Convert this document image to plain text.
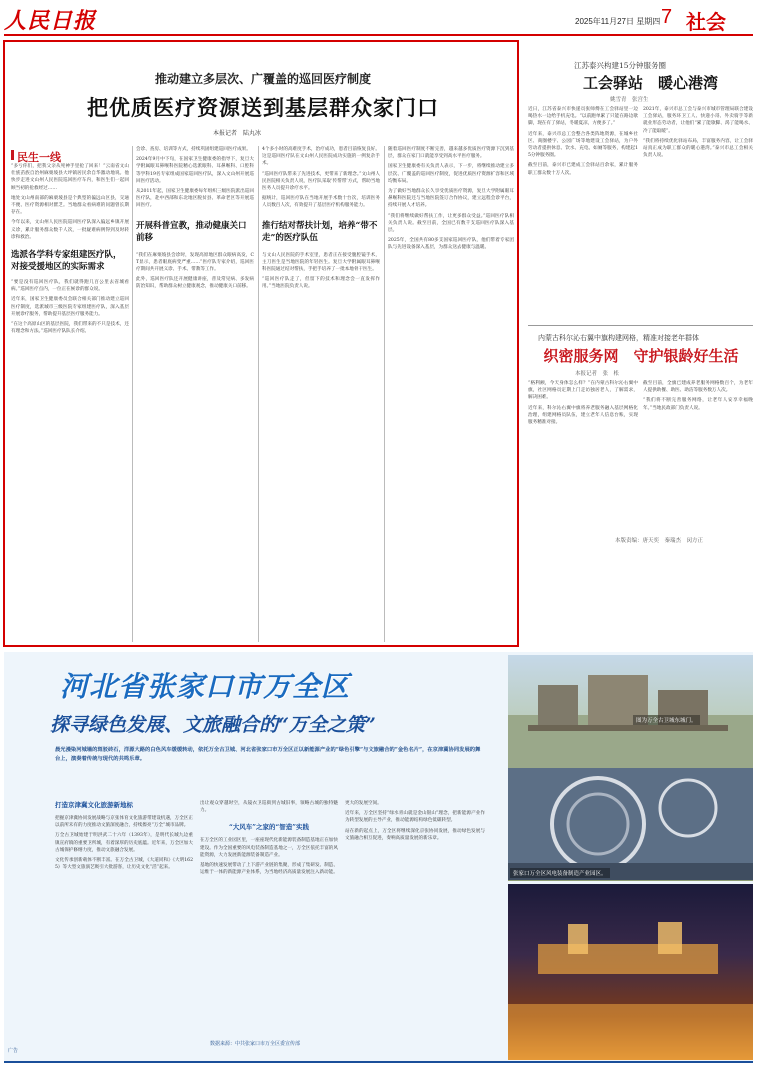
人民日报	2025年11月27日 星期四 7 社会
推动建立多层次、广覆盖的巡回医疗制度
把优质医疗资源送到基层群众家门口
本报记者　陆丸冰
民生一线

“多亏你们，把我父亲从死神手里抢了回来！”云南省文山壮族苗族自治州麻栗坡县大坪镇居民余自华激动地说。他快步走进文山州人民医院巡回医疗车内，和医生们一起回顾当初的抢救经过……

地处文山州南部的麻栗坡县是个典型的偏远山区县，交通不便、医疗资源相对匮乏。当地群众看病难的问题曾长期存在。

今年以来，文山州人民医院巡回医疗队深入偏远乡镇开展义诊，累计服务群众数千人次，一批疑难病例得到及时转诊和救治。

选派各学科专家组建医疗队，对接受援地区的实际需求

“要是没有巡回医疗队，我们就得跑几百公里去省城看病。”巡回医疗点内，一位正在候诊的群众说。

近年来，国家卫生健康委员会联合相关部门推动建立巡回医疗制度，选派城市三级医院专家组建医疗队，深入基层开展诊疗服务，帮助提升基层医疗服务能力。

“在这个高原山区的基层医院，我们带来的不只是技术，还有理念和方法。”巡回医疗队队长介绍。

会诊、查房、培训等方式，持续巩固组建巡回医疗成果。

2024年9月中下旬，在国家卫生健康委的指导下，复旦大学附属眼耳鼻喉科医院精心选派眼科、耳鼻喉科、口腔科等学科19名专家组成国家巡回医疗队，深入文山州开展巡回医疗活动。

从2011年起，国家卫生健康委每年组织三级医院派出巡回医疗队，赴中西部和东北地区脱贫县、革命老区等开展巡回医疗。

开展科普宣教，推动健康关口前移

“我们在麻栗坡县会诊时，发现高原地区群众眼病高发，CT显示，患者眼底病变严重……”医疗队专家介绍，巡回医疗期间共开展义诊、手术、带教等工作。

此外，巡回医疗队还开展健康讲座，普及常见病、多发病防治知识，帮助群众树立健康观念，推动健康关口前移。

4个多小时的高难度手术，治疗成功，患者目前恢复良好。这是巡回医疗队在文山州人民医院成功实施的一例复杂手术。

“巡回医疗队带来了先进技术，更带来了新理念。”文山州人民医院相关负责人说，医疗队采取‘传帮带’方式，帮助当地医务人员提升诊疗水平。

据统计，巡回医疗队在当地开展手术数十台次，培训医务人员数百人次，有效提升了基层医疗机构服务能力。

推行结对帮扶计划，培养“带不走”的医疗队伍

与文山人民医院的手术室里，患者正在接受腹腔镜手术，主刀医生是当地医院的年轻医生。复旦大学附属眼耳鼻喉科医院通过结对帮扶，手把手培养了一批本地骨干医生。

“巡回医疗队走了，但留下的技术和理念会一直发挥作用。”当地医院负责人说。

随着巡回医疗制度不断完善，越来越多优质医疗资源下沉到基层，群众在家门口就能享受到高水平医疗服务。

国家卫生健康委有关负责人表示，下一步，将继续推动建立多层次、广覆盖的巡回医疗制度，促进优质医疗资源扩容和区域均衡布局。

为了做好当地群众长久享受优质医疗资源，复旦大学附属眼耳鼻喉科医院还与当地医院签订合作协议，建立远程会诊平台，持续开展人才培养。

“我们将继续做好帮扶工作，让更多群众受益。”巡回医疗队相关负责人说。截至目前，全国已有数千支巡回医疗队深入基层。

2025年，全国共有80多支国家巡回医疗队，他们带着专家团队与先进设备深入基层，为群众送去健康与温暖。

江苏泰兴构建15分钟服务圈
工会驿站　暖心港湾
姚雪青　张宫生

近日，江苏省泰兴市快递员张师傅在工会驿站里一边喝热水一边给手机充电。“以前跑单累了只能在路边歇脚，现在有了驿站，冬暖夏凉，方便多了。”

近年来，泰兴市总工会整合各类阵地资源，在城乡社区、商圈楼宇、公园广场等地建设工会驿站，为户外劳动者提供休息、饮水、充电、如厕等服务，构建起15分钟服务圈。

截至目前，泰兴市已建成工会驿站百余家，累计服务职工群众数十万人次。

2021年，泰兴市总工会与泰兴市城市管理局联合建设工会驿站，服务环卫工人、快递小哥、外卖骑手等新就业形态劳动者，让他们“累了能歇脚、渴了能喝水、冷了能取暖”。

“我们将持续优化驿站布局，丰富服务内容，让工会驿站真正成为职工群众的暖心港湾。”泰兴市总工会相关负责人说。

内蒙古科尔沁右翼中旗构建网格，精准对接老年群体
织密服务网　守护银龄好生活
本报记者　张　枨

“格利额，今天身体怎么样？”在内蒙古科尔沁右翼中旗，社区网格员定期上门走访独居老人，了解需求，解决困难。

近年来，科尔沁右翼中旗将养老服务融入基层网格化治理，组建网格员队伍，建立老年人信息台账，实现服务精准对接。

截至目前，全旗已建成养老服务网格数百个，为老年人提供助餐、助医、助洁等服务数万人次。

“我们将不断完善服务网络，让老年人安享幸福晚年。”当地民政部门负责人说。

本版责编：唐天奕　秦瑞杰　闵方正
图为万全古卫城东城门。
张家口万全区风电装备制造产业园区。
河北省张家口市万全区
探寻绿色发展、文旅融合的“万全之策”
晨光漫染河城墙的斑驳砖石，洋源大路的白色风车缓缓转动，依托万全古卫城、河北省张家口市万全区正以新能源产业的“绿色引擎”与文旅融合的“金色名片”，在京津冀协同发展的舞台上，演奏着传统与现代的共鸣乐章。

打造京津冀文化旅游新地标

把握京津冀协同发展战略与京张体育文化旅游带建设机遇，万全区正以前所未有的力度推动文旅深度融合，持续擦亮“万全”城市品牌。

万全古卫城始建于明洪武二十六年（1393年），是明代长城九边重镇宣府镇的重要卫所城，有着深厚的历史底蕴。近年来，万全区加大古城保护修缮力度，推动文旅融合发展。

文化传承创新载体不断丰富。在万全古卫城，《大道同和》《大明1625》等大型文旅演艺吸引大批游客，让历史文化“活”起来。

出让观众穿越时空，从镜衣卫巡街到古城旧事，领略古城的独特魅力。

“大风车”之家的“智造”实践

在万全区的工业园区里，一座座现代化新能源装备制造基地正在加快建设。作为全国重要的风电装备制造基地之一，万全区依托丰富的风能资源，大力发展新能源装备制造产业。

基地的快速发展带动了上下游产业链的集聚，形成了集研发、制造、运维于一体的新能源产业体系，为当地经济高质量发展注入新动能。

更大的发展空间。

近年来，万全区坚持“绿水青山就是金山银山”理念，把新能源产业作为转型发展的主导产业，推动能源结构绿色低碳转型。

站在新的起点上，万全区将继续深化京张协同发展，推动绿色发展与文旅融合相互促进，奏响高质量发展的新乐章。

数据来源：中共张家口市万全区委宣传部
广告
